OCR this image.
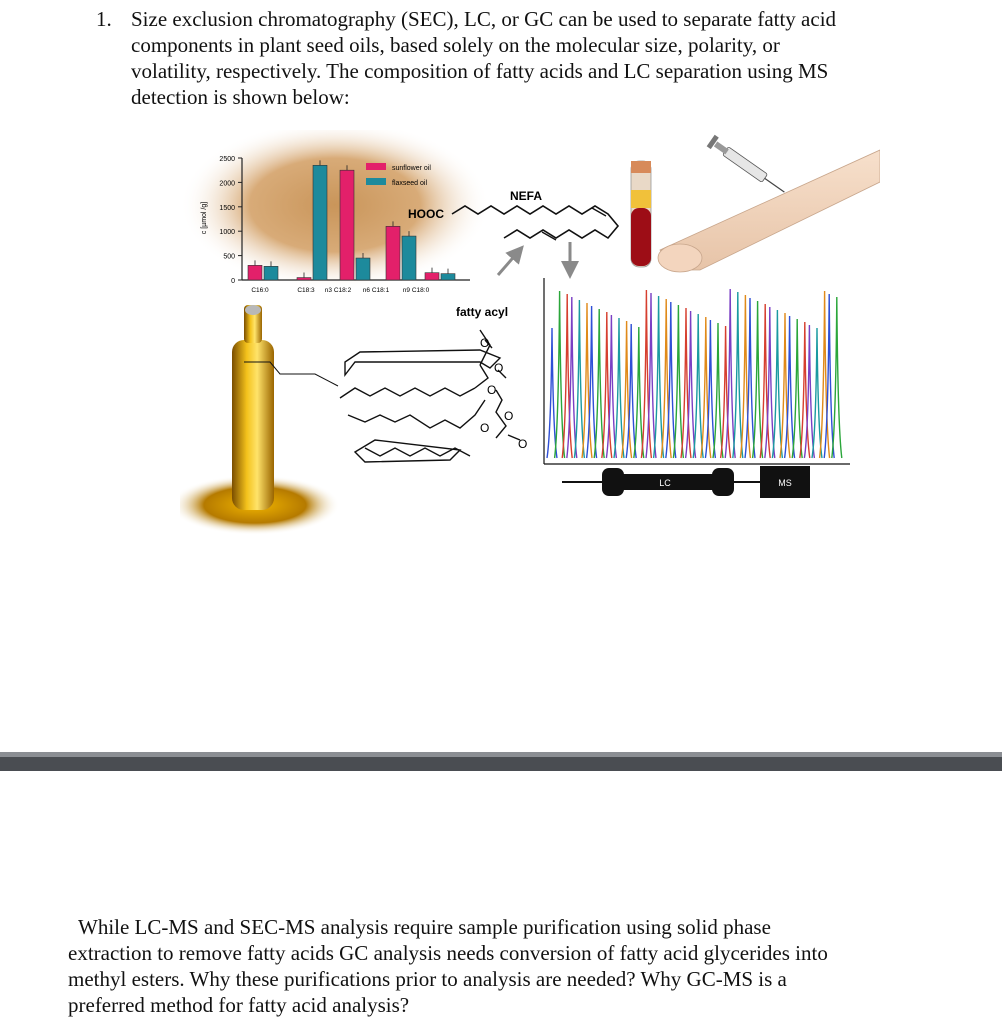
1. Size exclusion chromatography (SEC), LC, or GC can be used to separate fatty acid
components in plant seed oils, based solely on the molecular size, polarity, or
volatility, respectively. The composition of fatty acids and LC separation using MS
detection is shown below:
c [µmol /g]
2500
2000
1500
1000
500
0
C16:0	C18:3 n3 C18:2 n6 C18:1 n9 C18:0
sunflower oil
flaxseed oil
HOOC
NEFA
fatty acyl
O
O
O
O
O
O
LC	MS
While LC-MS and SEC-MS analysis require sample purification using solid phase
extraction to remove fatty acids GC analysis needs conversion of fatty acid glycerides into
methyl esters. Why these purifications prior to analysis are needed? Why GC-MS is a
preferred method for fatty acid analysis?
